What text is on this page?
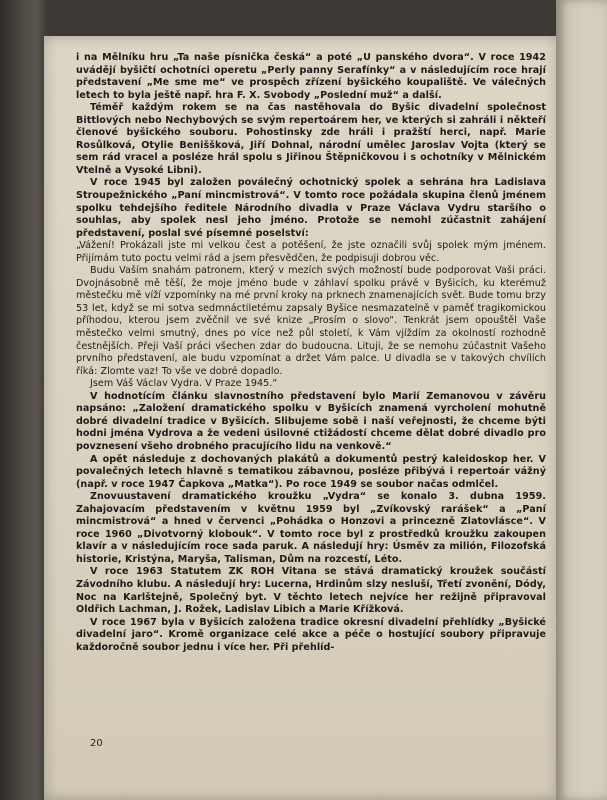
i na Mělníku hru „Ta naše písnička česká“ a poté „U panského dvora“. V roce 1942 uvádějí byšičtí ochotníci operetu „Perly panny Serafínky“ a v následujícím roce hrají představení „Me sme me“ ve prospěch zřízení byšického koupaliště. Ve válečných letech to byla ještě např. hra F. X. Svobody „Poslední muž“ a další.

Téměř každým rokem se na čas nastěhovala do Byšic divadelní společnost Bittlových nebo Nechybových se svým repertoárem her, ve kterých si zahráli i někteří členové byšického souboru. Pohostinsky zde hráli i pražští herci, např. Marie Rosůlková, Otylie Beniššková, Jiří Dohnal, národní umělec Jaroslav Vojta (který se sem rád vracel a posléze hrál spolu s Jiřinou Štěpničkovou i s ochotníky v Mělnickém Vtelně a Vysoké Libni).

V roce 1945 byl založen poválečný ochotnický spolek a sehrána hra Ladislava Stroupežnického „Paní mincmistrová“. V tomto roce požádala skupina členů jménem spolku tehdejšího ředitele Národního divadla v Praze Václava Vydru staršího o souhlas, aby spolek nesl jeho jméno. Protože se nemohl zúčastnit zahájení představení, poslal své písemné poselství:

„Vážení! Prokázali jste mi velkou čest a potěšení, že jste označili svůj spolek mým jménem. Přijímám tuto poctu velmi rád a jsem přesvědčen, že podpisuji dobrou věc.

Budu Vaším snahám patronem, který v mezích svých možností bude podporovat Vaši práci. Dvojnásobně mě těší, že moje jméno bude v záhlaví spolku právě v Byšicích, ku kterémuž městečku mě víží vzpomínky na mé první kroky na prknech znamenajících svět. Bude tomu brzy 53 let, když se mi sotva sedmnáctiletému zapsaly Byšice nesmazatelně v paměť tragikomickou příhodou, kterou jsem zvěčnil ve své knize „Prosím o slovo“. Tenkrát jsem opouštěl Vaše městečko velmi smutný, dnes po více než půl století, k Vám vjíždím za okolností rozhodně čestnějších. Přeji Vaší práci všechen zdar do budoucna. Lituji, že se nemohu zúčastnit Vašeho prvního představení, ale budu vzpomínat a držet Vám palce. U divadla se v takových chvílích říká: Zlomte vaz! To vše ve dobré dopadlo.

Jsem Váš Václav Vydra. V Praze 1945.“

V hodnotícím článku slavnostního představení bylo Marií Zemanovou v závěru napsáno: „Založení dramatického spolku v Byšicích znamená vyrcholení mohutně dobré divadelní tradice v Byšicích. Slibujeme sobě i naší veřejnosti, že chceme býti hodni jména Vydrova a že vedeni úsilovné ctižádostí chceme dělat dobré divadlo pro povznesení všeho drobného pracujícího lidu na venkově.“

A opět následuje z dochovaných plakátů a dokumentů pestrý kaleidoskop her. V povalečných letech hlavně s tematikou zábavnou, posléze přibývá i repertoár vážný (např. v roce 1947 Čapkova „Matka“). Po roce 1949 se soubor načas odmlčel.

Znovuustavení dramatického kroužku „Vydra“ se konalo 3. dubna 1959. Zahajovacím představením v květnu 1959 byl „Zvíkovský rarášek“ a „Paní mincmistrová“ a hned v červenci „Pohádka o Honzovi a princezně Zlatovlásce“. V roce 1960 „Divotvorný klobouk“. V tomto roce byl z prostředků kroužku zakoupen klavír a v následujícím roce sada paruk. A následují hry: Úsměv za milión, Filozofská historie, Kristýna, Maryša, Talisman, Dům na rozcestí, Léto.

V roce 1963 Statutem ZK ROH Vitana se stává dramatický kroužek součástí Závodního klubu. A následují hry: Lucerna, Hrdinům slzy nesluší, Třetí zvonění, Dódy, Noc na Karlštejně, Společný byt. V těchto letech nejvíce her režijně připravoval Oldřich Lachman, J. Rožek, Ladislav Libich a Marie Křížková.

V roce 1967 byla v Byšicích založena tradice okresní divadelní přehlídky „Byšické divadelní jaro“. Kromě organizace celé akce a péče o hostující soubory připravuje každoročně soubor jednu i více her. Při přehlíd-

20
